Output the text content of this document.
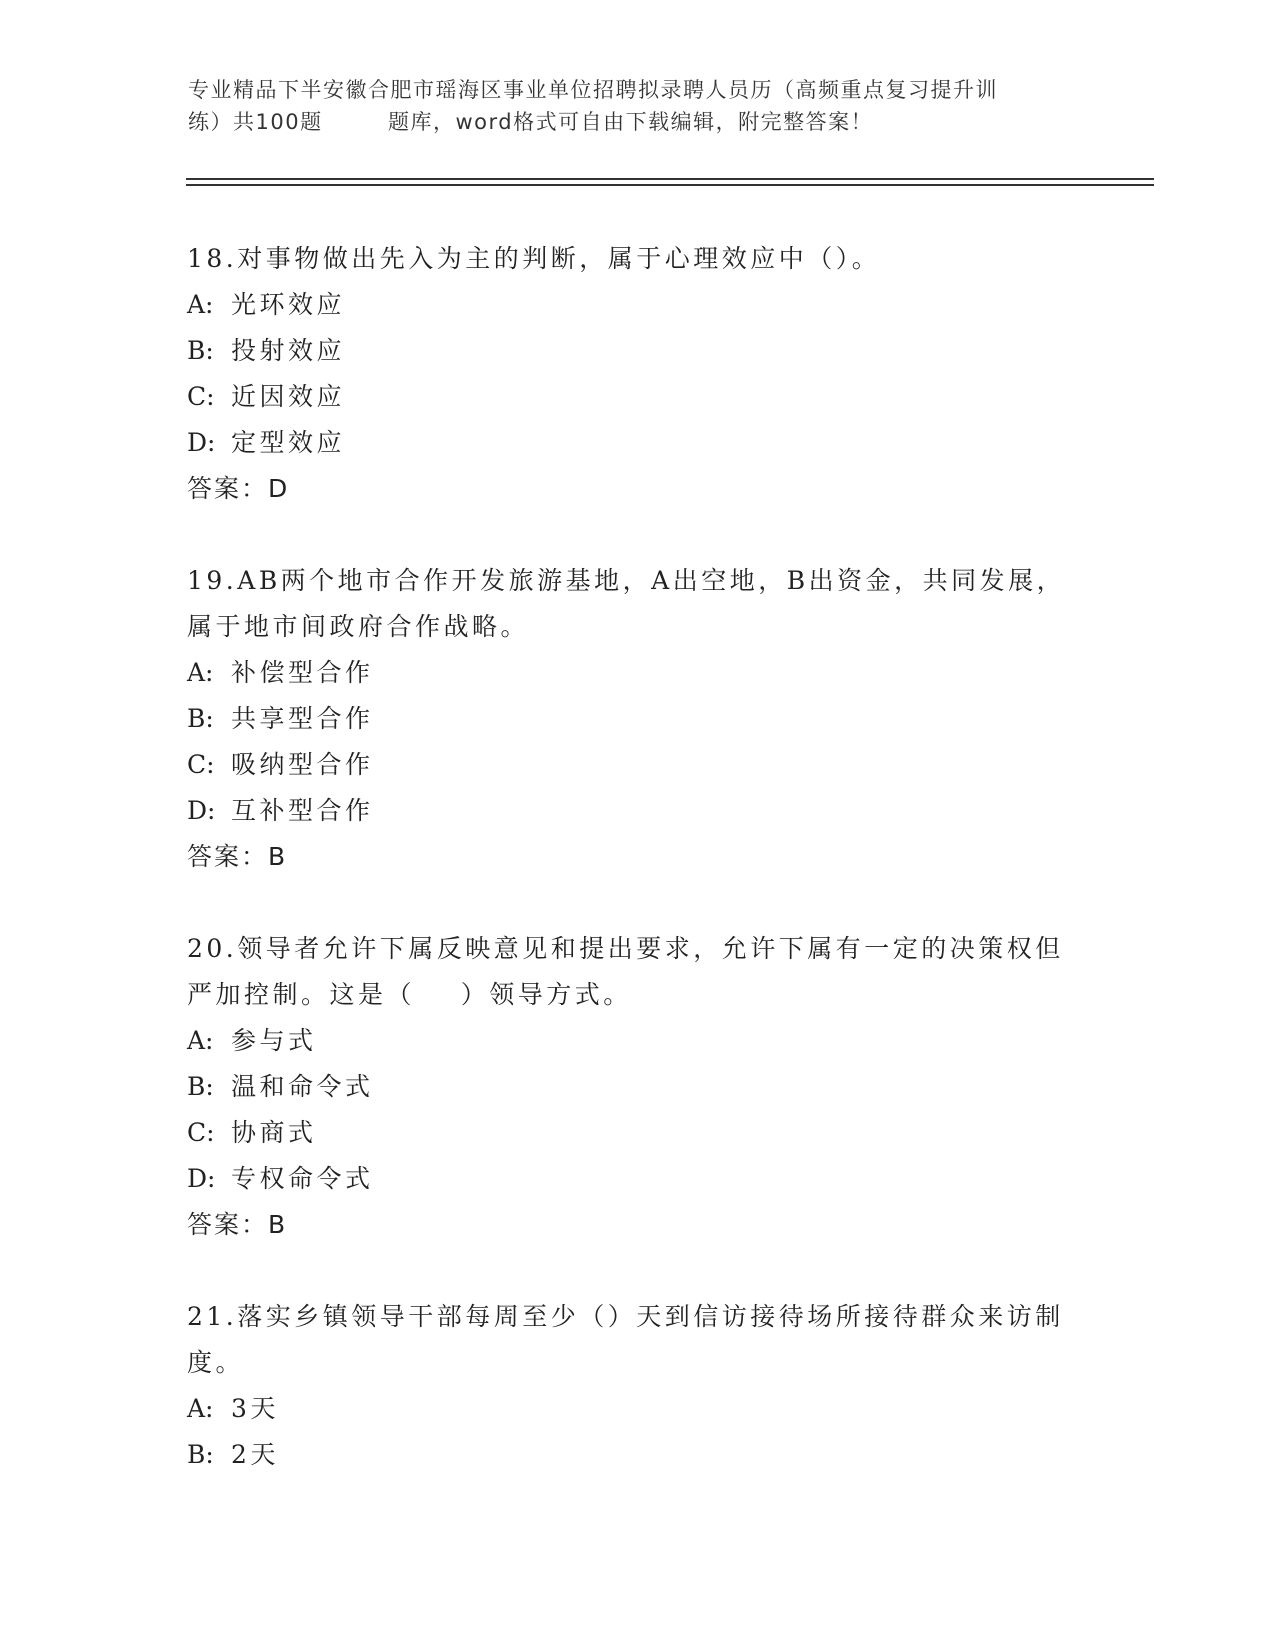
专业精品下半安徽合肥市瑶海区事业单位招聘拟录聘人员历（高频重点复习提升训

练）共100题        题库，word格式可自由下载编辑，附完整答案！
18.对事物做出先入为主的判断，属于心理效应中（）。
A: 光环效应
B: 投射效应
C: 近因效应
D: 定型效应
答案：D
19.AB两个地市合作开发旅游基地，A出空地，B出资金，共同发展，
属于地市间政府合作战略。
A: 补偿型合作
B: 共享型合作
C: 吸纳型合作
D: 互补型合作
答案：B
20.领导者允许下属反映意见和提出要求，允许下属有一定的决策权但
严加控制。这是（    ）领导方式。
A: 参与式
B: 温和命令式
C: 协商式
D: 专权命令式
答案：B
21.落实乡镇领导干部每周至少（）天到信访接待场所接待群众来访制
度。
A: 3天
B: 2天
